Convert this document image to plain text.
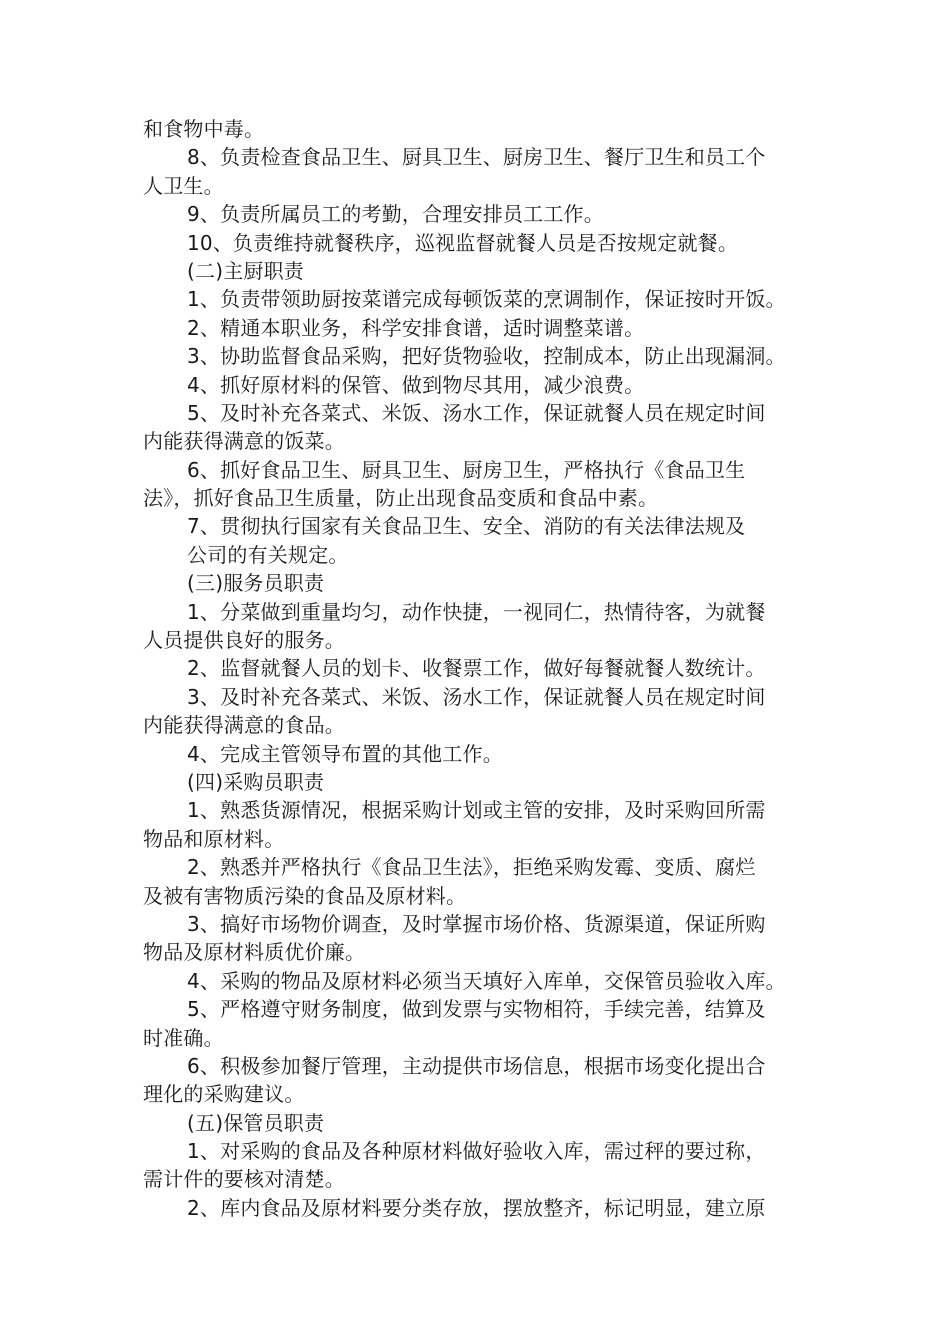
和食物中毒。
8、负责检查食品卫生、厨具卫生、厨房卫生、餐厅卫生和员工个
人卫生。
9、负责所属员工的考勤，合理安排员工工作。
10、负责维持就餐秩序，巡视监督就餐人员是否按规定就餐。
(二)主厨职责
1、负责带领助厨按菜谱完成每顿饭菜的烹调制作，保证按时开饭。
2、精通本职业务，科学安排食谱，适时调整菜谱。
3、协助监督食品采购，把好货物验收，控制成本，防止出现漏洞。
4、抓好原材料的保管、做到物尽其用，减少浪费。
5、及时补充各菜式、米饭、汤水工作，保证就餐人员在规定时间
内能获得满意的饭菜。
6、抓好食品卫生、厨具卫生、厨房卫生，严格执行《食品卫生
法》，抓好食品卫生质量，防止出现食品变质和食品中素。
7、贯彻执行国家有关食品卫生、安全、消防的有关法律法规及
公司的有关规定。
(三)服务员职责
1、分菜做到重量均匀，动作快捷，一视同仁，热情待客，为就餐
人员提供良好的服务。
2、监督就餐人员的划卡、收餐票工作，做好每餐就餐人数统计。
3、及时补充各菜式、米饭、汤水工作，保证就餐人员在规定时间
内能获得满意的食品。
4、完成主管领导布置的其他工作。
(四)采购员职责
1、熟悉货源情况，根据采购计划或主管的安排，及时采购回所需
物品和原材料。
2、熟悉并严格执行《食品卫生法》，拒绝采购发霉、变质、腐烂
及被有害物质污染的食品及原材料。
3、搞好市场物价调查，及时掌握市场价格、货源渠道，保证所购
物品及原材料质优价廉。
4、采购的物品及原材料必须当天填好入库单，交保管员验收入库。
5、严格遵守财务制度，做到发票与实物相符，手续完善，结算及
时准确。
6、积极参加餐厅管理，主动提供市场信息，根据市场变化提出合
理化的采购建议。
(五)保管员职责
1、对采购的食品及各种原材料做好验收入库，需过秤的要过称，
需计件的要核对清楚。
2、库内食品及原材料要分类存放，摆放整齐，标记明显，建立原
